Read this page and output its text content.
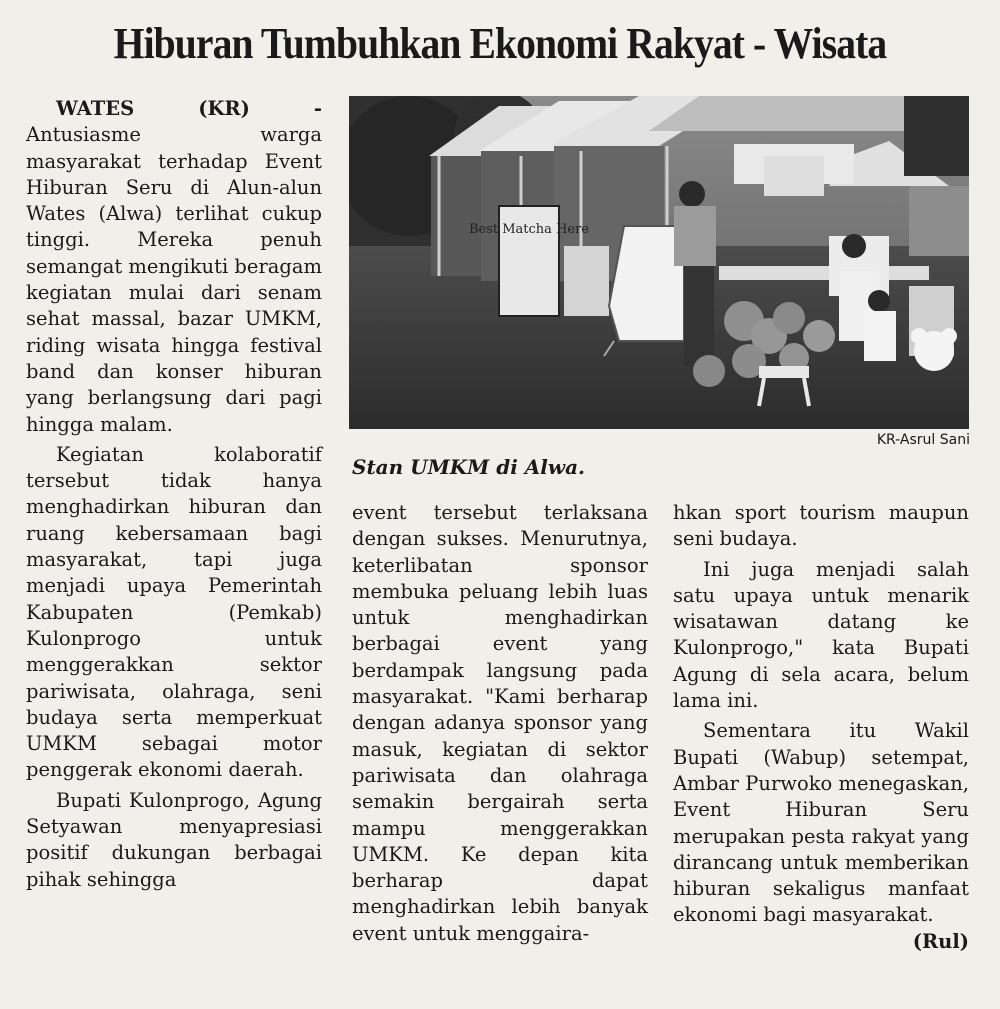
Hiburan Tumbuhkan Ekonomi Rakyat - Wisata

WATES (KR) - Antusiasme warga masyarakat terhadap Event Hiburan Seru di Alun-alun Wates (Alwa) terlihat cukup tinggi. Mereka penuh semangat mengikuti beragam kegiatan mulai dari senam sehat massal, bazar UMKM, riding wisata hingga festival band dan konser hiburan yang berlangsung dari pagi hingga malam.

Kegiatan kolaboratif tersebut tidak hanya menghadirkan hiburan dan ruang kebersamaan bagi masyarakat, tapi juga menjadi upaya Pemerintah Kabupaten (Pemkab) Kulonprogo untuk menggerakkan sektor pariwisata, olahraga, seni budaya serta memperkuat UMKM sebagai motor penggerak ekonomi daerah.

Bupati Kulonprogo, Agung Setyawan menyapresiasi positif dukungan berbagai pihak sehingga

Best Matcha Here
KR-Asrul Sani
Stan UMKM di Alwa.

event tersebut terlaksana dengan sukses. Menurutnya, keterlibatan sponsor membuka peluang lebih luas untuk menghadirkan berbagai event yang berdampak langsung pada masyarakat. "Kami berharap dengan adanya sponsor yang masuk, kegiatan di sektor pariwisata dan olahraga semakin bergairah serta mampu menggerakkan UMKM. Ke depan kita berharap dapat menghadirkan lebih banyak event untuk menggaira-

hkan sport tourism maupun seni budaya.

Ini juga menjadi salah satu upaya untuk menarik wisatawan datang ke Kulonprogo," kata Bupati Agung di sela acara, belum lama ini.

Sementara itu Wakil Bupati (Wabup) setempat, Ambar Purwoko menegaskan, Event Hiburan Seru merupakan pesta rakyat yang dirancang untuk memberikan hiburan sekaligus manfaat ekonomi bagi masyarakat.
(Rul)
